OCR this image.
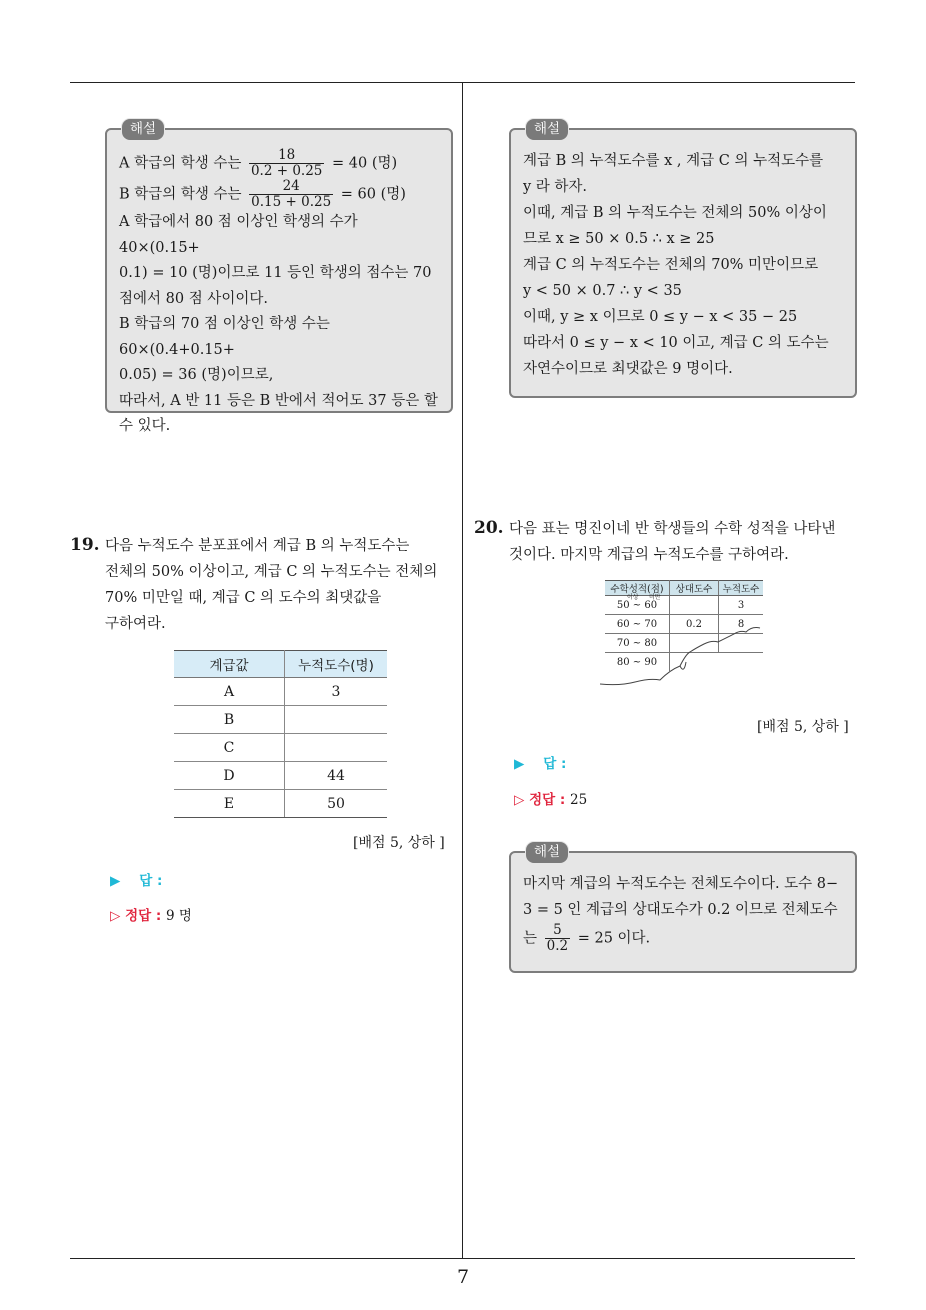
해설

A 학급의 학생 수는 $\frac{18}{0.2 + 0.25} = 40$ (명)

B 학급의 학생 수는 $\frac{24}{0.15 + 0.25} = 60$ (명)

A 학급에서 80 점 이상인 학생의 수가 40×(0.15+

0.1) = 10 (명)이므로 11 등인 학생의 점수는 70

점에서 80 점 사이이다.

B 학급의 70 점 이상인 학생 수는 60×(0.4+0.15+

0.05) = 36 (명)이므로,

따라서, A 반 11 등은 B 반에서 적어도 37 등은 할

수 있다.

해설

계급 B 의 누적도수를 x , 계급 C 의 누적도수를

y 라 하자.

이때, 계급 B 의 누적도수는 전체의 50% 이상이

므로 x ≥ 50 × 0.5 ∴ x ≥ 25

계급 C 의 누적도수는 전체의 70% 미만이므로

y < 50 × 0.7 ∴ y < 35

이때, y ≥ x 이므로 0 ≤ y − x < 35 − 25

따라서 0 ≤ y − x < 10 이고, 계급 C 의 도수는

자연수이므로 최댓값은 9 명이다.

19. 다음 누적도수 분포표에서 계급 B 의 누적도수는

전체의 50% 이상이고, 계급 C 의 누적도수는 전체의

70% 미만일 때, 계급 C 의 도수의 최댓값을

구하여라.

계급값	누적도수(명)
A	3
B	
C	
D	44
E	50
[배점 5, 상하 ]
▶ 답 :
▷ 정답 : 9 명
20. 다음 표는 명진이네 반 학생들의 수학 성적을 나타낸

것이다. 마지막 계급의 누적도수를 구하여라.

수학성적(점)	상대도수	누적도수

이상 미만
50 ~ 60		3
60 ~ 70	0.2	8
70 ~ 80		
80 ~ 90		
[배점 5, 상하 ]
▶ 답 :
▷ 정답 : 25
해설

마지막 계급의 누적도수는 전체도수이다. 도수 8−

3 = 5 인 계급의 상대도수가 0.2 이므로 전체도수

는 $\frac{5}{0.2} = 25$ 이다.

7
